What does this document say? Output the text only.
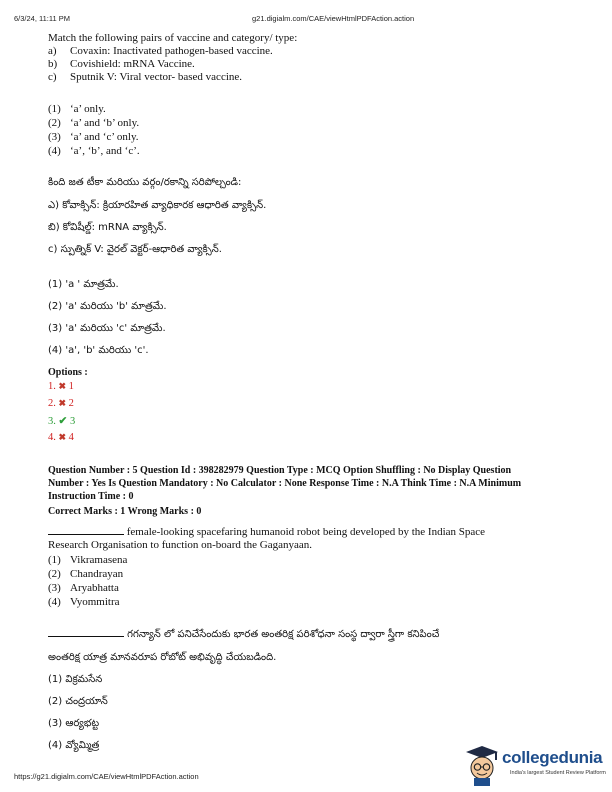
6/3/24, 11:11 PM	g21.digialm.com/CAE/viewHtmlPDFAction.action
Match the following pairs of vaccine and category/ type:
a)	Covaxin: Inactivated pathogen-based vaccine.
b)	Covishield: mRNA Vaccine.
c)	Sputnik V: Viral vector- based vaccine.
(1) ‘a’ only.
(2) ‘a’ and ‘b’ only.
(3) ‘a’ and ‘c’ only.
(4) ‘a’, ‘b’, and ‘c’.
కింది జత టీకా మరియు వర్గం/రకాన్ని సరిపోల్చండి:
ఎ) కోవాక్సిన్: క్రియారహిత వ్యాధికారక ఆధారిత వ్యాక్సిన్.
బి) కోవిషీల్డ్: mRNA వ్యాక్సిన్.
c) స్పుత్నిక్ V: వైరల్ వెక్టర్-ఆధారిత వ్యాక్సిన్.
(1) 'a ' మాత్రమే.
(2) 'a' మరియు 'b' మాత్రమే.
(3) 'a' మరియు 'c' మాత్రమే.
(4) 'a', 'b' మరియు 'c'.
Options :
1. ✖ 1
2. ✖ 2
3. ✔ 3
4. ✖ 4
Question Number : 5 Question Id : 398282979 Question Type : MCQ Option Shuffling : No Display Question
Number : Yes Is Question Mandatory : No Calculator : None Response Time : N.A Think Time : N.A Minimum
Instruction Time : 0
Correct Marks : 1 Wrong Marks : 0
female-looking spacefaring humanoid robot being developed by the Indian Space
Research Organisation to function on-board the Gaganyaan.
(1) Vikramasena
(2) Chandrayan
(3) Aryabhatta
(4) Vyommitra
గగన్యాన్ లో పనిచేసేందుకు భారత అంతరిక్ష పరిశోధనా సంస్థ ద్వారా స్త్రీగా కనిపించే
అంతరిక్ష యాత్ర మానవరూప రోబోట్ అభివృద్ధి చేయబడింది.
(1) విక్రమసేన
(2) చంద్రయాన్
(3) ఆర్యభట్ట
(4) వ్యోమ్మిత్ర
https://g21.digialm.com/CAE/viewHtmlPDFAction.action
collegedunia
India's largest Student Review Platform
